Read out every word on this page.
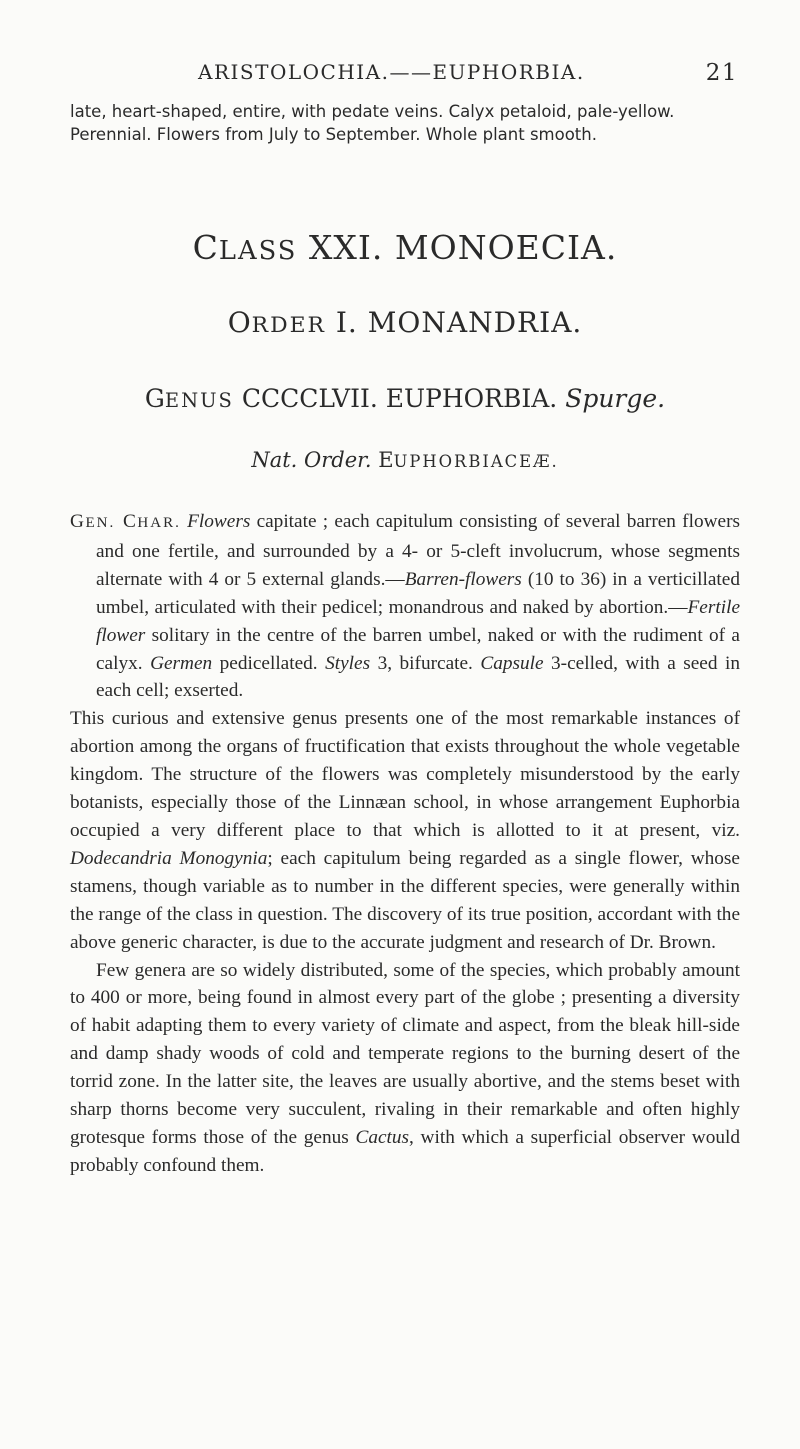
ARISTOLOCHIA.——EUPHORBIA.	21

late, heart-shaped, entire, with pedate veins. Calyx petaloid, pale-yellow. Perennial. Flowers from July to September. Whole plant smooth.

CLASS XXI. MONOECIA.
ORDER I. MONANDRIA.
GENUS CCCCLVII. EUPHORBIA. Spurge.
Nat. Order. EUPHORBIACEÆ.

GEN. CHAR. Flowers capitate ; each capitulum consisting of several barren flowers and one fertile, and surrounded by a 4- or 5-cleft involucrum, whose segments alternate with 4 or 5 external glands.—Barren-flowers (10 to 36) in a verticillated umbel, articulated with their pedicel; monandrous and naked by abortion.—Fertile flower solitary in the centre of the barren umbel, naked or with the rudiment of a calyx. Germen pedicellated. Styles 3, bifurcate. Capsule 3-celled, with a seed in each cell; exserted.

This curious and extensive genus presents one of the most remarkable instances of abortion among the organs of fructification that exists throughout the whole vegetable kingdom. The structure of the flowers was completely misunderstood by the early botanists, especially those of the Linnæan school, in whose arrangement Euphorbia occupied a very different place to that which is allotted to it at present, viz. Dodecandria Monogynia; each capitulum being regarded as a single flower, whose stamens, though variable as to number in the different species, were generally within the range of the class in question. The discovery of its true position, accordant with the above generic character, is due to the accurate judgment and research of Dr. Brown.

Few genera are so widely distributed, some of the species, which probably amount to 400 or more, being found in almost every part of the globe ; presenting a diversity of habit adapting them to every variety of climate and aspect, from the bleak hill-side and damp shady woods of cold and temperate regions to the burning desert of the torrid zone. In the latter site, the leaves are usually abortive, and the stems beset with sharp thorns become very succulent, rivaling in their remarkable and often highly grotesque forms those of the genus Cactus, with which a superficial observer would probably confound them.
